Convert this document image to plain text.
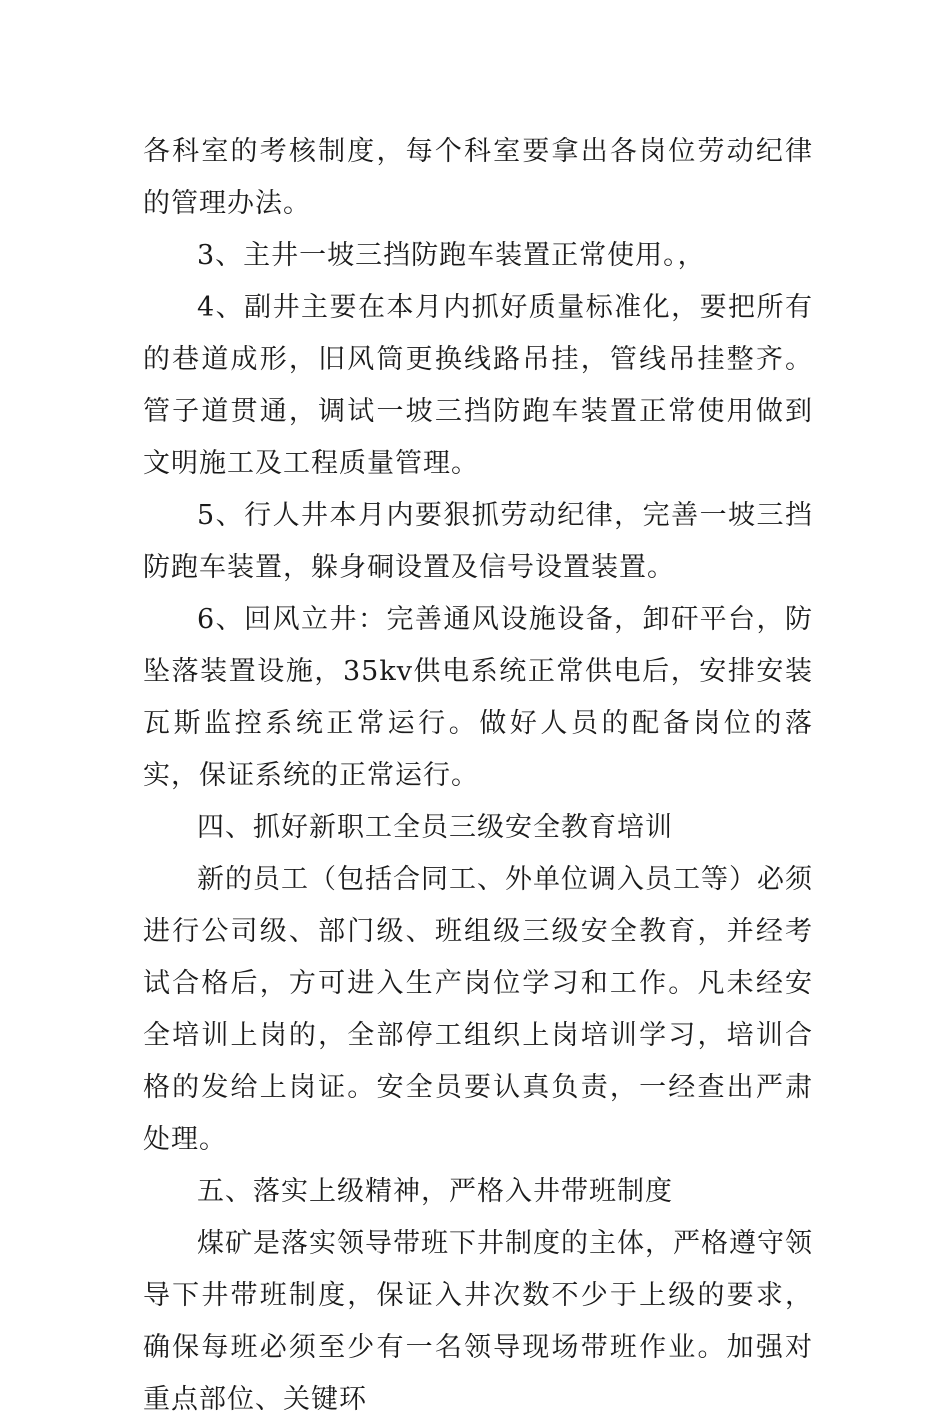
各科室的考核制度，每个科室要拿出各岗位劳动纪律的管理办法。

3、主井一坡三挡防跑车装置正常使用。，

4、副井主要在本月内抓好质量标准化，要把所有的巷道成形，旧风筒更换线路吊挂，管线吊挂整齐。管子道贯通，调试一坡三挡防跑车装置正常使用做到文明施工及工程质量管理。

5、行人井本月内要狠抓劳动纪律，完善一坡三挡防跑车装置，躲身硐设置及信号设置装置。

6、回风立井：完善通风设施设备，卸矸平台，防坠落装置设施，35kv供电系统正常供电后，安排安装瓦斯监控系统正常运行。做好人员的配备岗位的落实，保证系统的正常运行。

四、抓好新职工全员三级安全教育培训

新的员工（包括合同工、外单位调入员工等）必须进行公司级、部门级、班组级三级安全教育，并经考试合格后，方可进入生产岗位学习和工作。凡未经安全培训上岗的，全部停工组织上岗培训学习，培训合格的发给上岗证。安全员要认真负责，一经查出严肃处理。

五、落实上级精神，严格入井带班制度

煤矿是落实领导带班下井制度的主体，严格遵守领导下井带班制度，保证入井次数不少于上级的要求，确保每班必须至少有一名领导现场带班作业。加强对重点部位、关键环
